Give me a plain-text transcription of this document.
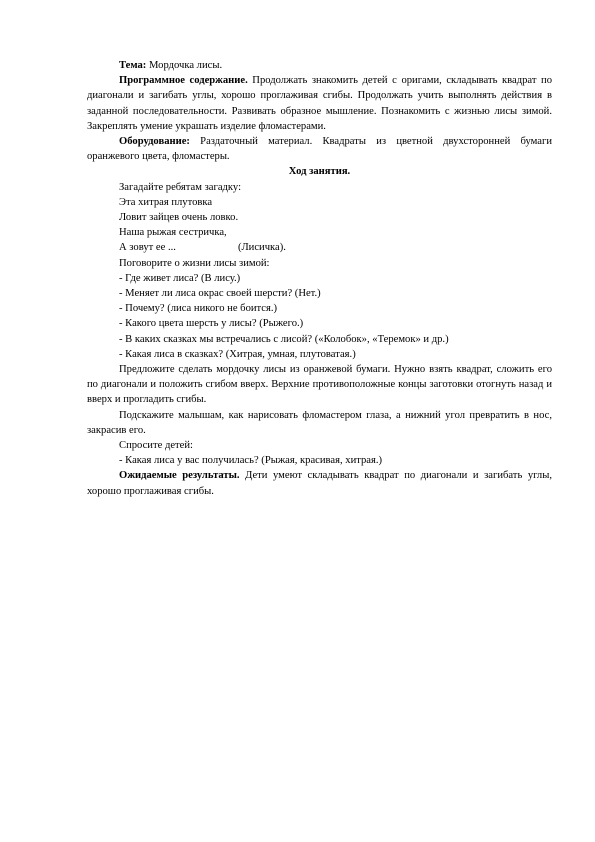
Тема: Мордочка лисы.

Программное содержание. Продолжать знакомить детей с оригами, складывать квадрат по диагонали и загибать углы, хорошо проглаживая сгибы. Продолжать учить выполнять действия в заданной последовательности. Развивать образное мышление. Познакомить с жизнью лисы зимой. Закреплять умение украшать изделие фломастерами.

Оборудование: Раздаточный материал. Квадраты из цветной двухсторонней бумаги оранжевого цвета, фломастеры.

Ход занятия.

Загадайте ребятам загадку:

Эта хитрая плутовка

Ловит зайцев очень ловко.

Наша рыжая сестричка,

А зовут ее ...	(Лисичка).

Поговорите о жизни лисы зимой:

- Где живет лиса? (В лису.)

- Меняет ли лиса окрас своей шерсти? (Нет.)

- Почему? (лиса никого не боится.)

- Какого цвета шерсть у лисы? (Рыжего.)

- В каких сказках мы встречались с лисой? («Колобок», «Теремок» и др.)

- Какая лиса в сказках? (Хитрая, умная, плутоватая.)

Предложите сделать мордочку лисы из оранжевой бумаги. Нужно взять квадрат, сложить его по диагонали и положить сгибом вверх. Верхние противоположные концы заготовки отогнуть назад и вверх и прогладить сгибы.

Подскажите малышам, как нарисовать фломастером глаза, а нижний угол превратить в нос, закрасив его.

Спросите детей:

- Какая лиса у вас получилась? (Рыжая, красивая, хитрая.)

Ожидаемые результаты. Дети умеют складывать квадрат по диагонали и загибать углы, хорошо проглаживая сгибы.
